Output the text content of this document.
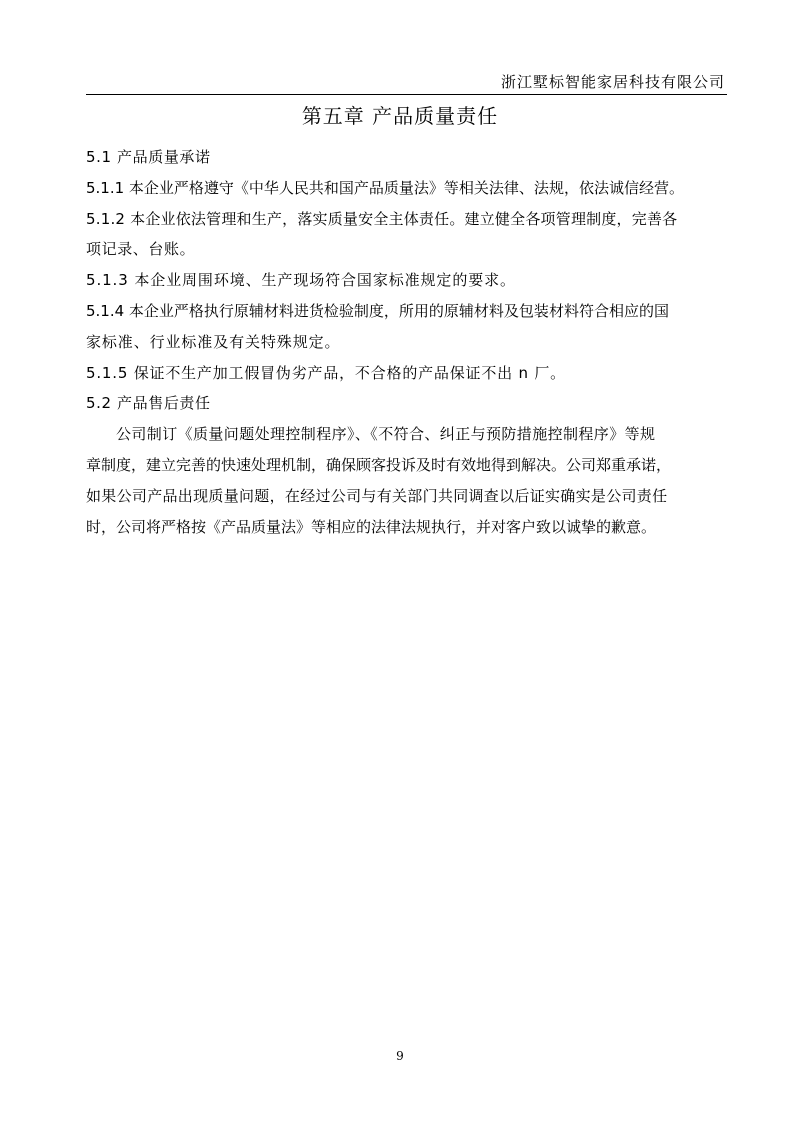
浙江墅标智能家居科技有限公司
第五章 产品质量责任
5.1 产品质量承诺
5.1.1 本企业严格遵守《中华人民共和国产品质量法》等相关法律、法规，依法诚信经营。
5.1.2 本企业依法管理和生产，落实质量安全主体责任。建立健全各项管理制度，完善各
项记录、台账。
5.1.3 本企业周围环境、生产现场符合国家标准规定的要求。
5.1.4 本企业严格执行原辅材料进货检验制度，所用的原辅材料及包装材料符合相应的国
家标准、行业标准及有关特殊规定。
5.1.5 保证不生产加工假冒伪劣产品，不合格的产品保证不出 n 厂。
5.2 产品售后责任
公司制订《质量问题处理控制程序》、《不符合、纠正与预防措施控制程序》等规
章制度，建立完善的快速处理机制，确保顾客投诉及时有效地得到解决。公司郑重承诺，
如果公司产品出现质量问题，在经过公司与有关部门共同调查以后证实确实是公司责任
时，公司将严格按《产品质量法》等相应的法律法规执行，并对客户致以诚挚的歉意。
9
